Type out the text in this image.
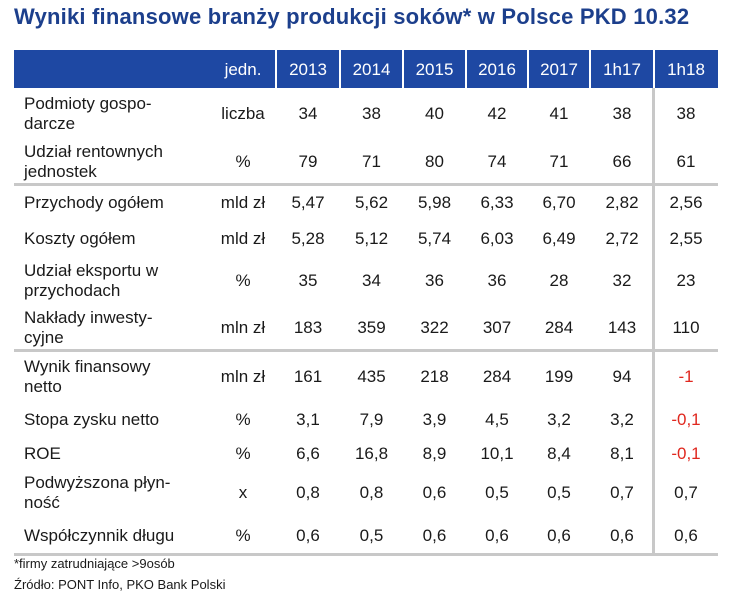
Wyniki finansowe branży produkcji soków* w Polsce PKD 10.32
jedn.	2013	2014	2015	2016	2017	1h17	1h18
Podmioty gospo-
darcze
liczba	34	38	40	42	41	38	38
Udział rentownych
jednostek
%	79	71	80	74	71	66	61
Przychody ogółem	mld zł	5,47	5,62	5,98	6,33	6,70	2,82	2,56
Koszty ogółem	mld zł	5,28	5,12	5,74	6,03	6,49	2,72	2,55
Udział eksportu w
przychodach
%	35	34	36	36	28	32	23
Nakłady inwesty-
cyjne
mln zł	183	359	322	307	284	143	110
Wynik finansowy
netto
mln zł	161	435	218	284	199	94	-1
Stopa zysku netto	%	3,1	7,9	3,9	4,5	3,2	3,2	-0,1
ROE	%	6,6	16,8	8,9	10,1	8,4	8,1	-0,1
Podwyższona płyn-
ność
x	0,8	0,8	0,6	0,5	0,5	0,7	0,7
Współczynnik długu	%	0,6	0,5	0,6	0,6	0,6	0,6	0,6
*firmy zatrudniające >9osób
Źródło: PONT Info, PKO Bank Polski
